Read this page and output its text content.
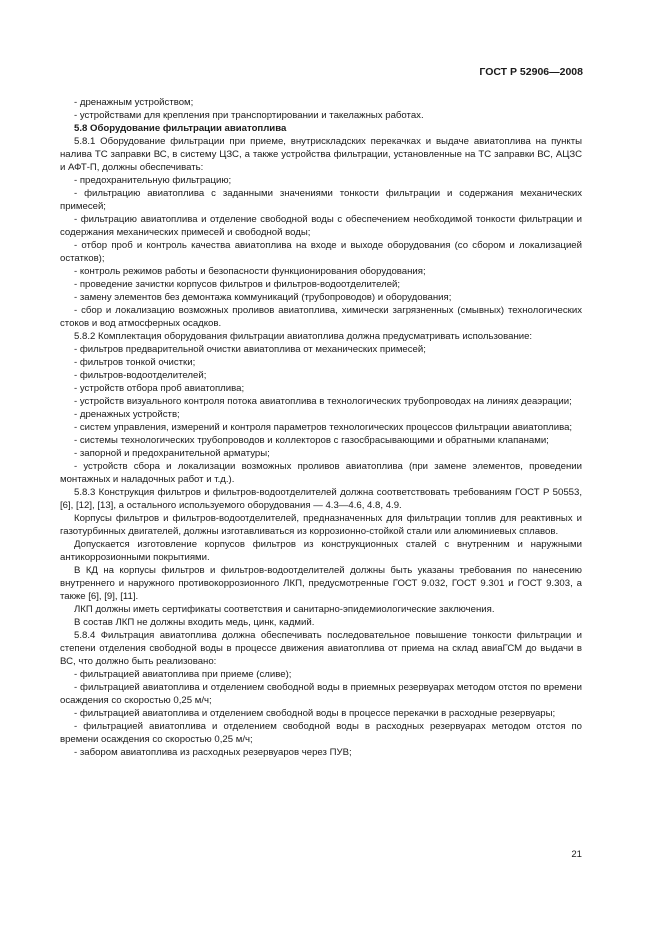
ГОСТ Р 52906—2008

- дренажным устройством;

- устройствами для крепления при транспортировании и такелажных работах.

5.8 Оборудование фильтрации авиатоплива

5.8.1 Оборудование фильтрации при приеме, внутрискладских перекачках и выдаче авиатоплива на пункты налива ТС заправки ВС, в систему ЦЗС, а также устройства фильтрации, установленные на ТС заправки ВС, АЦЗС и АФТ-П, должны обеспечивать:

- предохранительную фильтрацию;

- фильтрацию авиатоплива с заданными значениями тонкости фильтрации и содержания механических примесей;

- фильтрацию авиатоплива и отделение свободной воды с обеспечением необходимой тонкости фильтрации и содержания механических примесей и свободной воды;

- отбор проб и контроль качества авиатоплива на входе и выходе оборудования (со сбором и локализацией остатков);

- контроль режимов работы и безопасности функционирования оборудования;

- проведение зачистки корпусов фильтров и фильтров-водоотделителей;

- замену элементов без демонтажа коммуникаций (трубопроводов) и оборудования;

- сбор и локализацию возможных проливов авиатоплива, химически загрязненных (смывных) технологических стоков и вод атмосферных осадков.

5.8.2 Комплектация оборудования фильтрации авиатоплива должна предусматривать использование:

- фильтров предварительной очистки авиатоплива от механических примесей;

- фильтров тонкой очистки;

- фильтров-водоотделителей;

- устройств отбора проб авиатоплива;

- устройств визуального контроля потока авиатоплива в технологических трубопроводах на линиях деаэрации;

- дренажных устройств;

- систем управления, измерений и контроля параметров технологических процессов фильтрации авиатоплива;

- системы технологических трубопроводов и коллекторов с газосбрасывающими и обратными клапанами;

- запорной и предохранительной арматуры;

- устройств сбора и локализации возможных проливов авиатоплива (при замене элементов, проведении монтажных и наладочных работ и т.д.).

5.8.3 Конструкция фильтров и фильтров-водоотделителей должна соответствовать требованиям ГОСТ Р 50553, [6], [12], [13], а остального используемого оборудования — 4.3—4.6, 4.8, 4.9.

Корпусы фильтров и фильтров-водоотделителей, предназначенных для фильтрации топлив для реактивных и газотурбинных двигателей, должны изготавливаться из коррозионно-стойкой стали или алюминиевых сплавов.

Допускается изготовление корпусов фильтров из конструкционных сталей с внутренним и наружными антикоррозионными покрытиями.

В КД на корпусы фильтров и фильтров-водоотделителей должны быть указаны требования по нанесению внутреннего и наружного противокоррозионного ЛКП, предусмотренные ГОСТ 9.032, ГОСТ 9.301 и ГОСТ 9.303, а также [6], [9], [11].

ЛКП должны иметь сертификаты соответствия и санитарно-эпидемиологические заключения.

В состав ЛКП не должны входить медь, цинк, кадмий.

5.8.4 Фильтрация авиатоплива должна обеспечивать последовательное повышение тонкости фильтрации и степени отделения свободной воды в процессе движения авиатоплива от приема на склад авиаГСМ до выдачи в ВС, что должно быть реализовано:

- фильтрацией авиатоплива при приеме (сливе);

- фильтрацией авиатоплива и отделением свободной воды в приемных резервуарах методом отстоя по времени осаждения со скоростью 0,25 м/ч;

- фильтрацией авиатоплива и отделением свободной воды в процессе перекачки в расходные резервуары;

- фильтрацией авиатоплива и отделением свободной воды в расходных резервуарах методом отстоя по времени осаждения со скоростью 0,25 м/ч;

- забором авиатоплива из расходных резервуаров через ПУВ;

21
